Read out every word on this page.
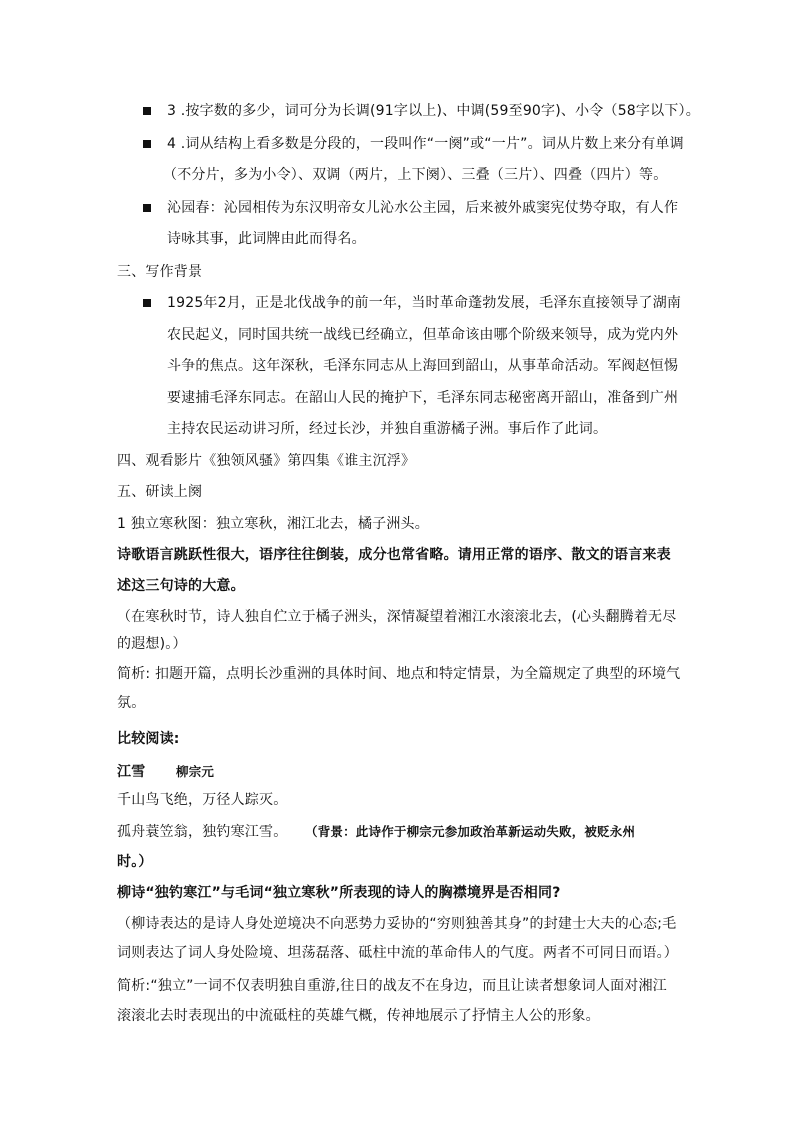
3 .按字数的多少，词可分为长调(91字以上)、中调(59至90字)、小令（58字以下）。
4 .词从结构上看多数是分段的，一段叫作“一阕”或“一片”。词从片数上来分有单调
（不分片，多为小令）、双调（两片，上下阕）、三叠（三片）、四叠（四片）等。
沁园春：沁园相传为东汉明帝女儿沁水公主园，后来被外戚窦宪仗势夺取，有人作
诗咏其事，此词牌由此而得名。
三、写作背景
1925年2月，正是北伐战争的前一年，当时革命蓬勃发展，毛泽东直接领导了湖南
农民起义，同时国共统一战线已经确立，但革命该由哪个阶级来领导，成为党内外
斗争的焦点。这年深秋，毛泽东同志从上海回到韶山，从事革命活动。军阀赵恒惕
要逮捕毛泽东同志。在韶山人民的掩护下，毛泽东同志秘密离开韶山，准备到广州
主持农民运动讲习所，经过长沙，并独自重游橘子洲。事后作了此词。
四、观看影片《独领风骚》第四集《谁主沉浮》
五、研读上阕
1 独立寒秋图：独立寒秋，湘江北去，橘子洲头。
诗歌语言跳跃性很大，语序往往倒装，成分也常省略。请用正常的语序、散文的语言来表
述这三句诗的大意。
（在寒秋时节，诗人独自伫立于橘子洲头，深情凝望着湘江水滚滚北去，(心头翻腾着无尽
的遐想)。）
简析: 扣题开篇，点明长沙重洲的具体时间、地点和特定情景，为全篇规定了典型的环境气
氛。
比较阅读:
江雪 柳宗元
千山鸟飞绝，万径人踪灭。
孤舟蓑笠翁，独钓寒江雪。 （背景：此诗作于柳宗元参加政治革新运动失败，被贬永州
时。）
柳诗“独钓寒江”与毛词“独立寒秋”所表现的诗人的胸襟境界是否相同?
（柳诗表达的是诗人身处逆境决不向恶势力妥协的“穷则独善其身”的封建士大夫的心态;毛
词则表达了词人身处险境、坦荡磊落、砥柱中流的革命伟人的气度。两者不可同日而语。）
简析:“独立”一词不仅表明独自重游,往日的战友不在身边，而且让读者想象词人面对湘江
滚滚北去时表现出的中流砥柱的英雄气概，传神地展示了抒情主人公的形象。
